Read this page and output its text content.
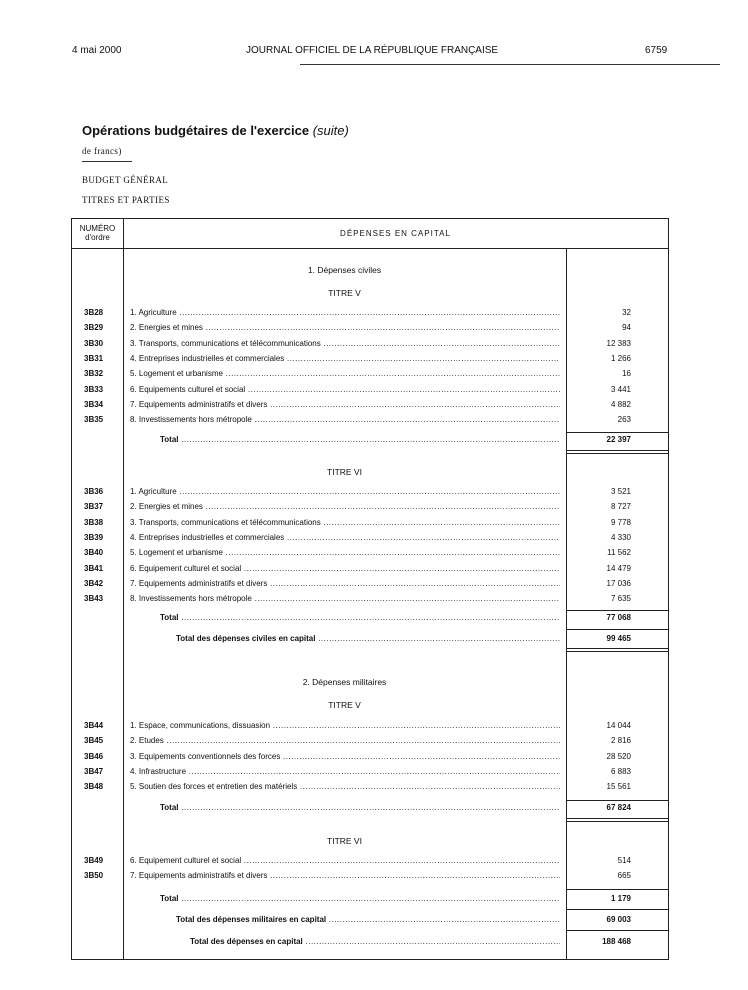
4 mai 2000	JOURNAL OFFICIEL DE LA RÉPUBLIQUE FRANÇAISE	6759
Opérations budgétaires de l'exercice (suite)
de francs)
BUDGET GÉNÉRAL
TITRES ET PARTIES
NUMÉRO d'ordre	DÉPENSES EN CAPITAL
1. Dépenses civiles
TITRE V
3B28	1. Agriculture .....	32
3B29	2. Energies et mines .....	94
3B30	3. Transports, communications et télécommunications .....	12 383
3B31	4. Entreprises industrielles et commerciales .....	1 266
3B32	5. Logement et urbanisme .....	16
3B33	6. Equipements culturel et social .....	3 441
3B34	7. Equipements administratifs et divers .....	4 882
3B35	8. Investissements hors métropole .....	263
Total .....	22 397
TITRE VI
3B36	1. Agriculture .....	3 521
3B37	2. Energies et mines .....	8 727
3B38	3. Transports, communications et télécommunications .....	9 778
3B39	4. Entreprises industrielles et commerciales .....	4 330
3B40	5. Logement et urbanisme .....	11 562
3B41	6. Equipement culturel et social .....	14 479
3B42	7. Equipements administratifs et divers .....	17 036
3B43	8. Investissements hors métropole .....	7 635
Total .....	77 068
Total des dépenses civiles en capital .....	99 465
2. Dépenses militaires
TITRE V
3B44	1. Espace, communications, dissuasion .....	14 044
3B45	2. Etudes .....	2 816
3B46	3. Equipements conventionnels des forces .....	28 520
3B47	4. Infrastructure .....	6 883
3B48	5. Soutien des forces et entretien des matériels .....	15 561
Total .....	67 824
TITRE VI
3B49	6. Equipement culturel et social .....	514
3B50	7. Equipements administratifs et divers .....	665
Total .....	1 179
Total des dépenses militaires en capital .....	69 003
Total des dépenses en capital .....	188 468
